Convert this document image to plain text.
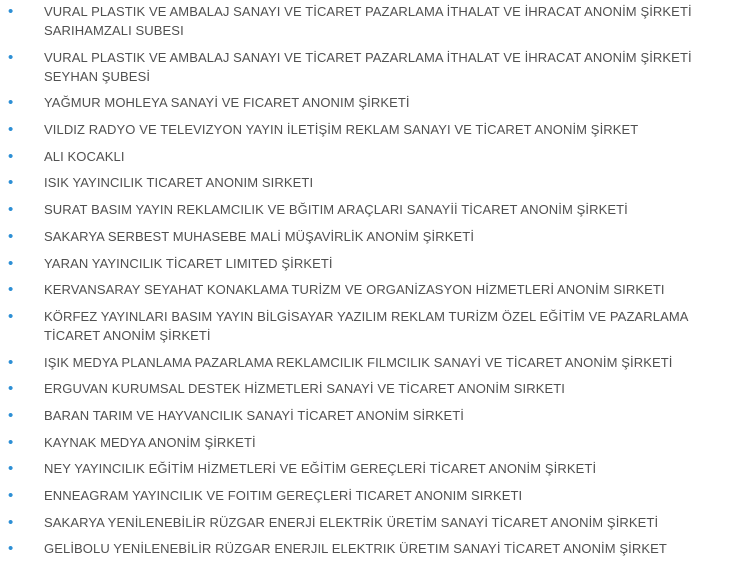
• VURAL PLASTIK VE AMBALAJ SANAYI VE TİCARET PAZARLAMA İTHALAT VE İHRACAT ANONİM ŞİRKETİ SARIHAMZALI SUBESI
• VURAL PLASTIK VE AMBALAJ SANAYI VE TİCARET PAZARLAMA İTHALAT VE İHRACAT ANONİM ŞİRKETİ SEYHAN ŞUBESİ
• YAĞMUR MOHLEYA SANAYİ VE FICARET ANONIM ŞİRKETİ
• VILDIZ RADYO VE TELEVIZYON YAYIN İLETİŞİM REKLAM SANAYI VE TİCARET ANONİM ŞİRKET
• ALI KOCAKLI
• ISIK YAYINCILIK TICARET ANONIM SIRKETI
• SURAT BASIM YAYIN REKLAMCILIK VE BĞITIM ARAÇLARI SANAYİİ TİCARET ANONİM ŞİRKETİ
• SAKARYA SERBEST MUHASEBE MALİ MÜŞAVİRLİK ANONİM ŞİRKETİ
• YARAN YAYINCILIK TİCARET LIMITED ŞİRKETİ
• KERVANSARAY SEYAHAT KONAKLAMA TURİZM VE ORGANİZASYON HİZMETLERİ ANONİM SIRKETI
• KÖRFEZ YAYINLARI BASIM YAYIN BİLGİSAYAR YAZILIM REKLAM TURİZM ÖZEL EĞİTİM VE PAZARLAMA TİCARET ANONİM ŞİRKETİ
• IŞIK MEDYA PLANLAMA PAZARLAMA REKLAMCILIK FILMCILIK SANAYİ VE TİCARET ANONİM ŞİRKETİ
• ERGUVAN KURUMSAL DESTEK HİZMETLERİ SANAYİ VE TİCARET ANONİM SIRKETI
• BARAN TARIM VE HAYVANCILIK SANAYİ TİCARET ANONİM SİRKETİ
• KAYNAK MEDYA ANONİM ŞİRKETİ
• NEY YAYINCILIK EĞİTİM HİZMETLERİ VE EĞİTİM GEREÇLERİ TİCARET ANONİM ŞİRKETİ
• ENNEAGRAM YAYINCILIK VE FOITIM GEREÇLERİ TICARET ANONIM SIRKETI
• SAKARYA YENİLENEBİLİR RÜZGAR ENERJİ ELEKTRİK ÜRETİM SANAYİ TİCARET ANONİM ŞİRKETİ
• GELİBOLU YENİLENEBİLİR RÜZGAR ENERJIL ELEKTRIK ÜRETIM SANAYİ TİCARET ANONİM ŞİRKET
